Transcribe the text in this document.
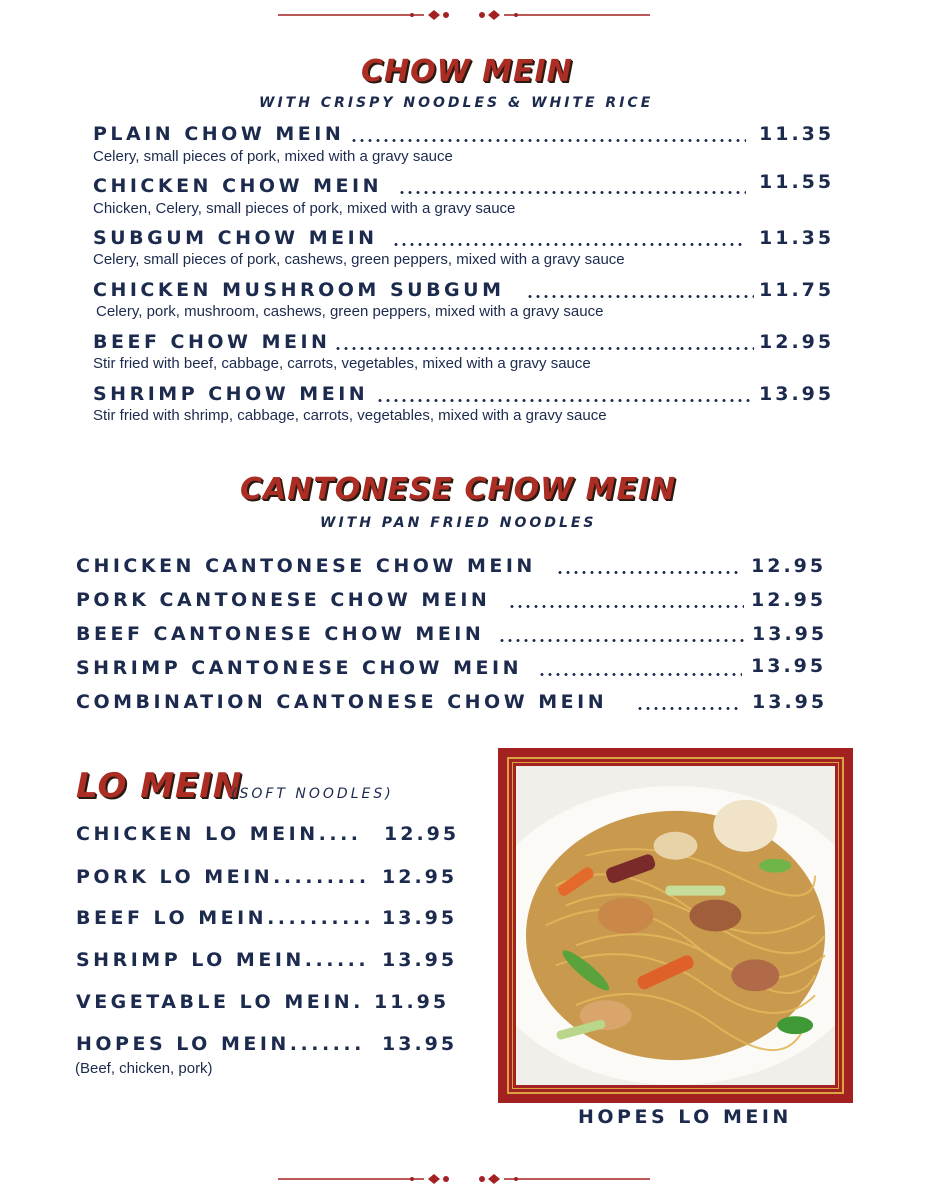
CHOW MEIN
WITH CRISPY NOODLES & WHITE RICE
PLAIN CHOW MEIN	11.35
Celery, small pieces of pork, mixed with a gravy sauce
CHICKEN CHOW MEIN	11.55
Chicken, Celery, small pieces of pork, mixed with a gravy sauce
SUBGUM CHOW MEIN	11.35
Celery, small pieces of pork, cashews, green peppers, mixed with a gravy sauce
CHICKEN MUSHROOM SUBGUM	11.75
Celery, pork, mushroom, cashews, green peppers, mixed with a gravy sauce
BEEF CHOW MEIN	12.95
Stir fried with beef, cabbage, carrots, vegetables, mixed with a gravy sauce
SHRIMP CHOW MEIN	13.95
Stir fried with shrimp, cabbage, carrots, vegetables, mixed with a gravy sauce
CANTONESE CHOW MEIN
WITH PAN FRIED NOODLES
CHICKEN CANTONESE CHOW MEIN	12.95
PORK CANTONESE CHOW MEIN	12.95
BEEF CANTONESE CHOW MEIN	13.95
SHRIMP CANTONESE CHOW MEIN	13.95
COMBINATION CANTONESE CHOW MEIN	13.95
LO MEIN
(SOFT NOODLES)
CHICKEN LO MEIN.... 12.95
PORK LO MEIN......... 12.95
BEEF LO MEIN.......... 13.95
SHRIMP LO MEIN...... 13.95
VEGETABLE LO MEIN. 11.95
HOPES LO MEIN....... 13.95
(Beef, chicken, pork)
HOPES LO MEIN
